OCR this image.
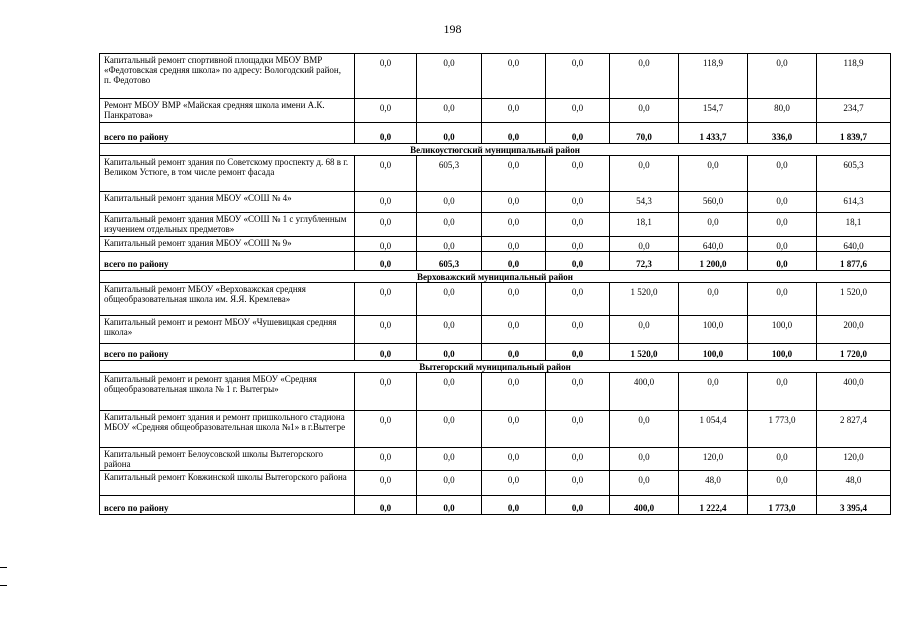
198
Капитальный ремонт спортивной площадки МБОУ ВМР «Федотовская средняя школа» по адресу: Вологодский район, п. Федотово	0,0	0,0	0,0	0,0	0,0	118,9	0,0	118,9
Ремонт МБОУ ВМР «Майская средняя школа имени А.К. Панкратова»	0,0	0,0	0,0	0,0	0,0	154,7	80,0	234,7
всего по району	0,0	0,0	0,0	0,0	70,0	1 433,7	336,0	1 839,7
Великоустюгский муниципальный район								
Капитальный ремонт здания по Советскому проспекту д. 68 в г. Великом Устюге, в том числе ремонт фасада	0,0	605,3	0,0	0,0	0,0	0,0	0,0	605,3
Капитальный ремонт здания МБОУ «СОШ № 4»	0,0	0,0	0,0	0,0	54,3	560,0	0,0	614,3
Капитальный ремонт здания МБОУ «СОШ № 1 с углубленным изучением отдельных предметов»	0,0	0,0	0,0	0,0	18,1	0,0	0,0	18,1
Капитальный ремонт здания МБОУ «СОШ № 9»	0,0	0,0	0,0	0,0	0,0	640,0	0,0	640,0
всего по району	0,0	605,3	0,0	0,0	72,3	1 200,0	0,0	1 877,6
Верховажский муниципальный район								
Капитальный ремонт МБОУ «Верховажская средняя общеобразовательная школа им. Я.Я. Кремлева»	0,0	0,0	0,0	0,0	1 520,0	0,0	0,0	1 520,0
Капитальный ремонт и ремонт МБОУ «Чушевицкая средняя школа»	0,0	0,0	0,0	0,0	0,0	100,0	100,0	200,0
всего по району	0,0	0,0	0,0	0,0	1 520,0	100,0	100,0	1 720,0
Вытегорский муниципальный район								
Капитальный ремонт и ремонт здания МБОУ «Средняя общеобразовательная школа № 1 г. Вытегры»	0,0	0,0	0,0	0,0	400,0	0,0	0,0	400,0
Капитальный ремонт здания и ремонт пришкольного стадиона МБОУ «Средняя общеобразовательная школа №1» в г.Вытегре	0,0	0,0	0,0	0,0	0,0	1 054,4	1 773,0	2 827,4
Капитальный ремонт Белоусовской школы Вытегорского района	0,0	0,0	0,0	0,0	0,0	120,0	0,0	120,0
Капитальный ремонт Ковжинской школы Вытегорского района	0,0	0,0	0,0	0,0	0,0	48,0	0,0	48,0
всего по району	0,0	0,0	0,0	0,0	400,0	1 222,4	1 773,0	3 395,4
